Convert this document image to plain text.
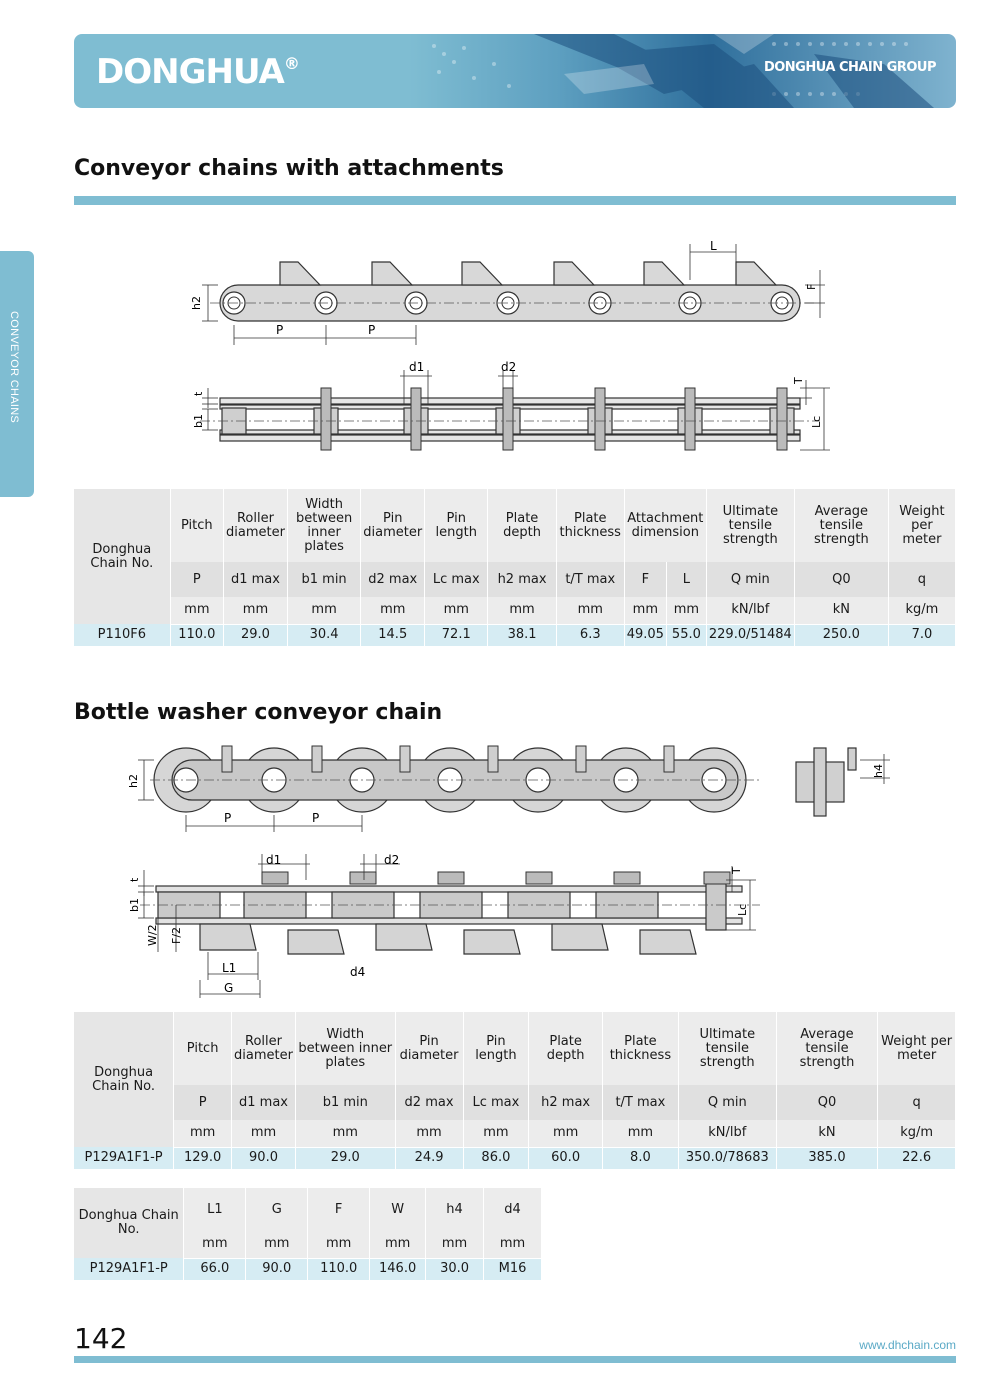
DONGHUA®	DONGHUA CHAIN GROUP
CONVEYOR CHAINS
Conveyor chains with attachments
P	P
L
F
h2
d1	d2
t
b1
T
Lc
Donghua Chain No.	Pitch	Roller diameter	Width between inner plates	Pin diameter	Pin length	Plate depth	Plate thickness	Attachment dimension		Ultimate tensile strength	Average tensile strength	Weight per meter
	P	d1 max	b1 min	d2 max	Lc max	h2 max	t/T max	F	L	Q min	Q0	q
	mm	mm	mm	mm	mm	mm	mm	mm	mm	kN/lbf	kN	kg/m
P110F6	110.0	29.0	30.4	14.5	72.1	38.1	6.3	49.05	55.0	229.0/51484	250.0	7.0
Bottle washer conveyor chain
P	P
h2
h4
d1	d2
t
b1
W/2 F/2
L1
G
d4
T
Lc
Donghua Chain No.	Pitch	Roller diameter	Width between inner plates	Pin diameter	Pin length	Plate depth	Plate thickness	Ultimate tensile strength	Average tensile strength	Weight per meter
	P	d1 max	b1 min	d2 max	Lc max	h2 max	t/T max	Q min	Q0	q
	mm	mm	mm	mm	mm	mm	mm	kN/lbf	kN	kg/m
P129A1F1-P	129.0	90.0	29.0	24.9	86.0	60.0	8.0	350.0/78683	385.0	22.6
Donghua Chain No.	L1	G	F	W	h4	d4
	mm	mm	mm	mm	mm	mm
P129A1F1-P	66.0	90.0	110.0	146.0	30.0	M16
142	www.dhchain.com
